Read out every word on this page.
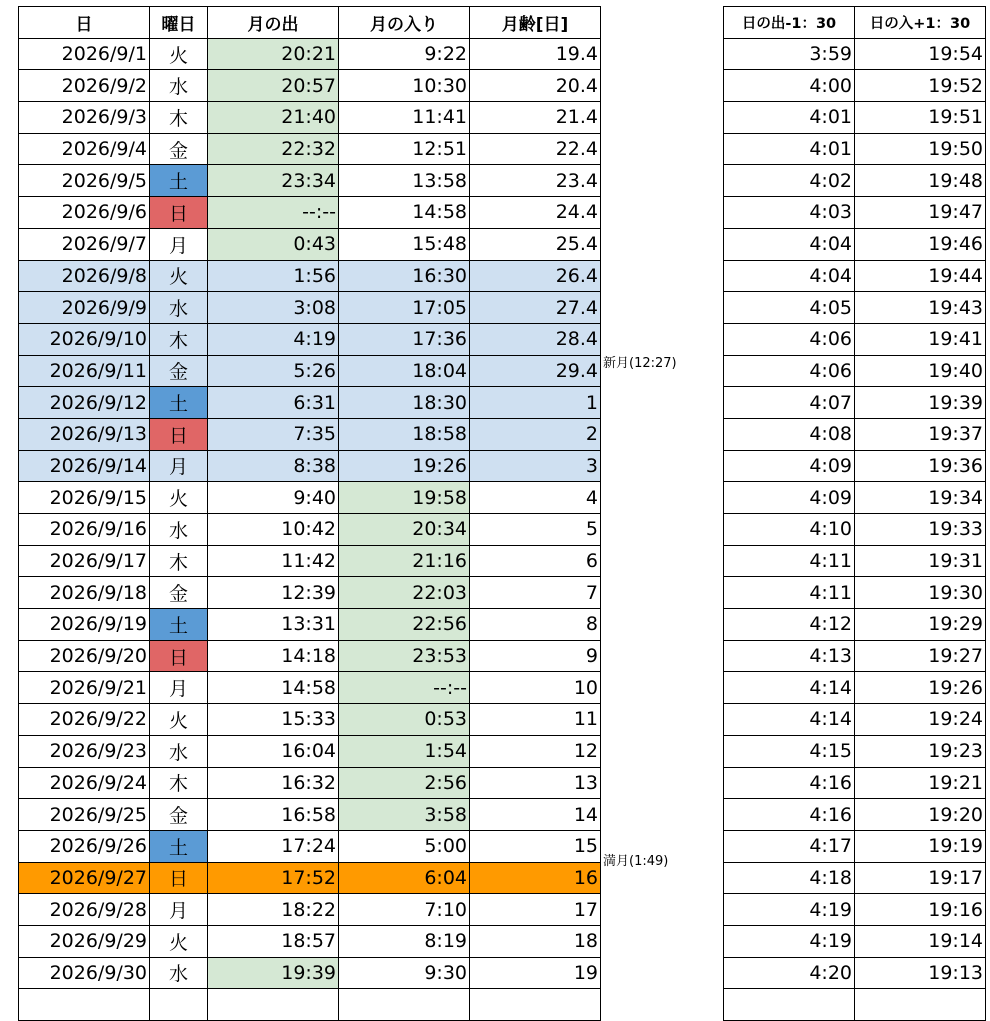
日	曜日	月の出	月の入り	月齢[日]
2026/9/1	火	20:21	9:22	19.4
2026/9/2	水	20:57	10:30	20.4
2026/9/3	木	21:40	11:41	21.4
2026/9/4	金	22:32	12:51	22.4
2026/9/5	土	23:34	13:58	23.4
2026/9/6	日	--:--	14:58	24.4
2026/9/7	月	0:43	15:48	25.4
2026/9/8	火	1:56	16:30	26.4
2026/9/9	水	3:08	17:05	27.4
2026/9/10	木	4:19	17:36	28.4
2026/9/11	金	5:26	18:04	29.4
2026/9/12	土	6:31	18:30	1
2026/9/13	日	7:35	18:58	2
2026/9/14	月	8:38	19:26	3
2026/9/15	火	9:40	19:58	4
2026/9/16	水	10:42	20:34	5
2026/9/17	木	11:42	21:16	6
2026/9/18	金	12:39	22:03	7
2026/9/19	土	13:31	22:56	8
2026/9/20	日	14:18	23:53	9
2026/9/21	月	14:58	--:--	10
2026/9/22	火	15:33	0:53	11
2026/9/23	水	16:04	1:54	12
2026/9/24	木	16:32	2:56	13
2026/9/25	金	16:58	3:58	14
2026/9/26	土	17:24	5:00	15
2026/9/27	日	17:52	6:04	16
2026/9/28	月	18:22	7:10	17
2026/9/29	火	18:57	8:19	18
2026/9/30	水	19:39	9:30	19

新月(12:27)
満月(1:49)
日の出-1：30	日の入+1：30
3:59	19:54
4:00	19:52
4:01	19:51
4:01	19:50
4:02	19:48
4:03	19:47
4:04	19:46
4:04	19:44
4:05	19:43
4:06	19:41
4:06	19:40
4:07	19:39
4:08	19:37
4:09	19:36
4:09	19:34
4:10	19:33
4:11	19:31
4:11	19:30
4:12	19:29
4:13	19:27
4:14	19:26
4:14	19:24
4:15	19:23
4:16	19:21
4:16	19:20
4:17	19:19
4:18	19:17
4:19	19:16
4:19	19:14
4:20	19:13
